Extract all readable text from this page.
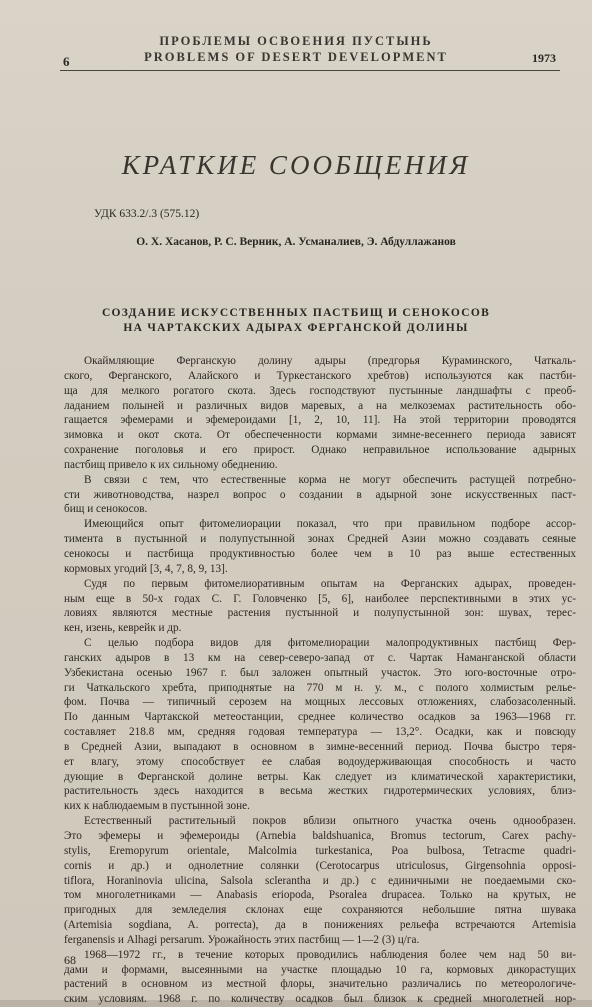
ПРОБЛЕМЫ ОСВОЕНИЯ ПУСТЫНЬ
PROBLEMS OF DESERT DEVELOPMENT
6	1973
КРАТКИЕ СООБЩЕНИЯ
УДК 633.2/.3 (575.12)
О. Х. Хасанов, Р. С. Верник, А. Усманалиев, Э. Абдуллажанов
СОЗДАНИЕ ИСКУССТВЕННЫХ ПАСТБИЩ И СЕНОКОСОВ
НА ЧАРТАКСКИХ АДЫРАХ ФЕРГАНСКОЙ ДОЛИНЫ
Окаймляющие Ферганскую долину адыры (предгорья Кураминского, Чаткаль-
ского, Ферганского, Алайского и Туркестанского хребтов) используются как пастби-
ща для мелкого рогатого скота. Здесь господствуют пустынные ландшафты с преоб-
ладанием полыней и различных видов маревых, а на мелкоземах растительность обо-
гащается эфемерами и эфемероидами [1, 2, 10, 11]. На этой территории проводятся
зимовка и окот скота. От обеспеченности кормами зимне-весеннего периода зависят
сохранение поголовья и его прирост. Однако неправильное использование адырных
пастбищ привело к их сильному обеднению.
В связи с тем, что естественные корма не могут обеспечить растущей потребно-
сти животноводства, назрел вопрос о создании в адырной зоне искусственных паст-
бищ и сенокосов.
Имеющийся опыт фитомелиорации показал, что при правильном подборе ассор-
тимента в пустынной и полупустынной зонах Средней Азии можно создавать сеяные
сенокосы и пастбища продуктивностью более чем в 10 раз выше естественных
кормовых угодий [3, 4, 7, 8, 9, 13].
Судя по первым фитомелиоративным опытам на Ферганских адырах, проведен-
ным еще в 50-х годах С. Г. Головченко [5, 6], наиболее перспективными в этих ус-
ловиях являются местные растения пустынной и полупустынной зон: шувах, терес-
кен, изень, кеврейк и др.
С целью подбора видов для фитомелиорации малопродуктивных пастбищ Фер-
ганских адыров в 13 км на север-северо-запад от с. Чартак Наманганской области
Узбекистана осенью 1967 г. был заложен опытный участок. Это юго-восточные отро-
ги Чаткальского хребта, приподнятые на 770 м н. у. м., с полого холмистым релье-
фом. Почва — типичный серозем на мощных лессовых отложениях, слабозасоленный.
По данным Чартакской метеостанции, среднее количество осадков за 1963—1968 гг.
составляет 218.8 мм, средняя годовая температура — 13,2°. Осадки, как и повсюду
в Средней Азии, выпадают в основном в зимне-весенний период. Почва быстро теря-
ет влагу, этому способствует ее слабая водоудерживающая способность и часто
дующие в Ферганской долине ветры. Как следует из климатической характеристики,
растительность здесь находится в весьма жестких гидротермических условиях, близ-
ких к наблюдаемым в пустынной зоне.
Естественный растительный покров вблизи опытного участка очень однообразен.
Это эфемеры и эфемероиды (Arnebia baldshuanica, Bromus tectorum, Carex pachy-
stylis, Eremopyrum orientale, Malcolmia turkestanica, Poa bulbosa, Tetracme quadri-
cornis и др.) и однолетние солянки (Cerotocarpus utriculosus, Girgensohnia opposi-
tiflora, Horaninovia ulicina, Salsola sclerantha и др.) с единичными не поедаемыми ско-
том многолетниками — Anabasis eriopoda, Psoralea drupacea. Только на крутых, не
пригодных для земледелия склонах еще сохраняются небольшие пятна шувака
(Artemisia sogdiana, A. porrecta), да в понижениях рельефа встречаются Artemisia
ferganensis и Alhagi persarum. Урожайность этих пастбищ — 1—2 (3) ц/га.
1968—1972 гг., в течение которых проводились наблюдения более чем над 50 ви-
дами и формами, высеянными на участке площадью 10 га, кормовых дикорастущих
растений в основном из местной флоры, значительно различались по метеорологиче-
ским условиям. 1968 г. по количеству осадков был близок к средней многолетней нор-
68
